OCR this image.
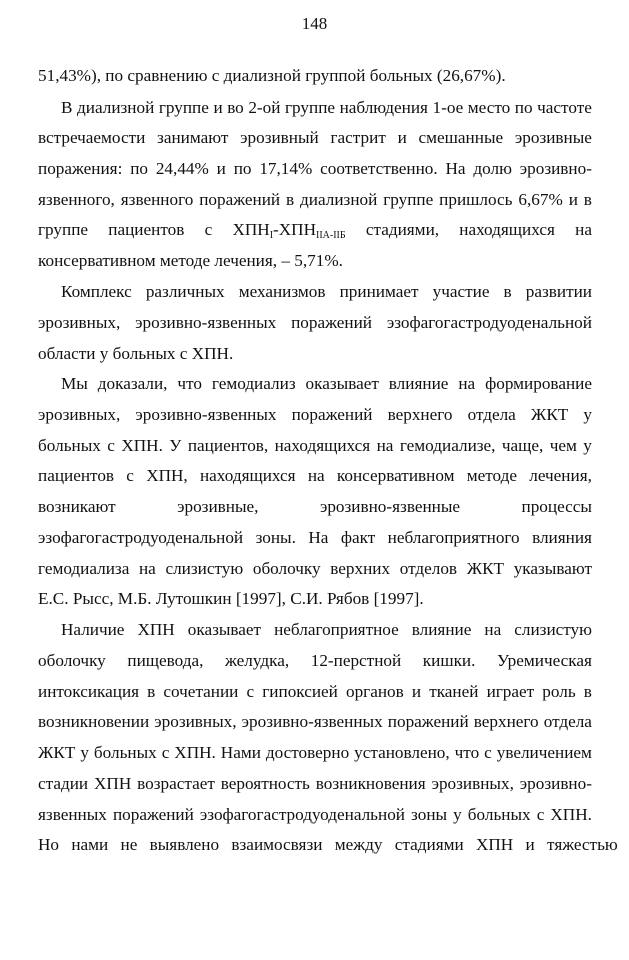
148
51,43%), по сравнению с диализной группой больных (26,67%).
В диализной группе и во 2-ой группе наблюдения 1-ое место по частоте
встречаемости занимают эрозивный гастрит и смешанные эрозивные
поражения: по 24,44% и по 17,14% соответственно. На долю эрозивно-
язвенного, язвенного поражений в диализной группе пришлось 6,67% и в
группе пациентов с $ХПН_I-ХПН_{IIА-IIБ}$ стадиями, находящихся на
консервативном методе лечения, – 5,71%.
Комплекс различных механизмов принимает участие в развитии
эрозивных, эрозивно-язвенных поражений эзофагогастродуоденальной
области у больных с ХПН.
Мы доказали, что гемодиализ оказывает влияние на формирование
эрозивных, эрозивно-язвенных поражений верхнего отдела ЖКТ у
больных с ХПН. У пациентов, находящихся на гемодиализе, чаще, чем у
пациентов с ХПН, находящихся на консервативном методе лечения,
возникают	эрозивные,	эрозивно-язвенные	процессы
эзофагогастродуоденальной зоны. На факт неблагоприятного влияния
гемодиализа на слизистую оболочку верхних отделов ЖКТ указывают
Е.С. Рысс, М.Б. Лутошкин [1997], С.И. Рябов [1997].
Наличие ХПН оказывает неблагоприятное влияние на слизистую
оболочку пищевода, желудка, 12-перстной кишки. Уремическая
интоксикация в сочетании с гипоксией органов и тканей играет роль в
возникновении эрозивных, эрозивно-язвенных поражений верхнего отдела
ЖКТ у больных с ХПН. Нами достоверно установлено, что с увеличением
стадии ХПН возрастает вероятность возникновения эрозивных, эрозивно-
язвенных поражений эзофагогастродуоденальной зоны у больных с ХПН.
Но нами не выявлено взаимосвязи между стадиями ХПН и тяжестью
